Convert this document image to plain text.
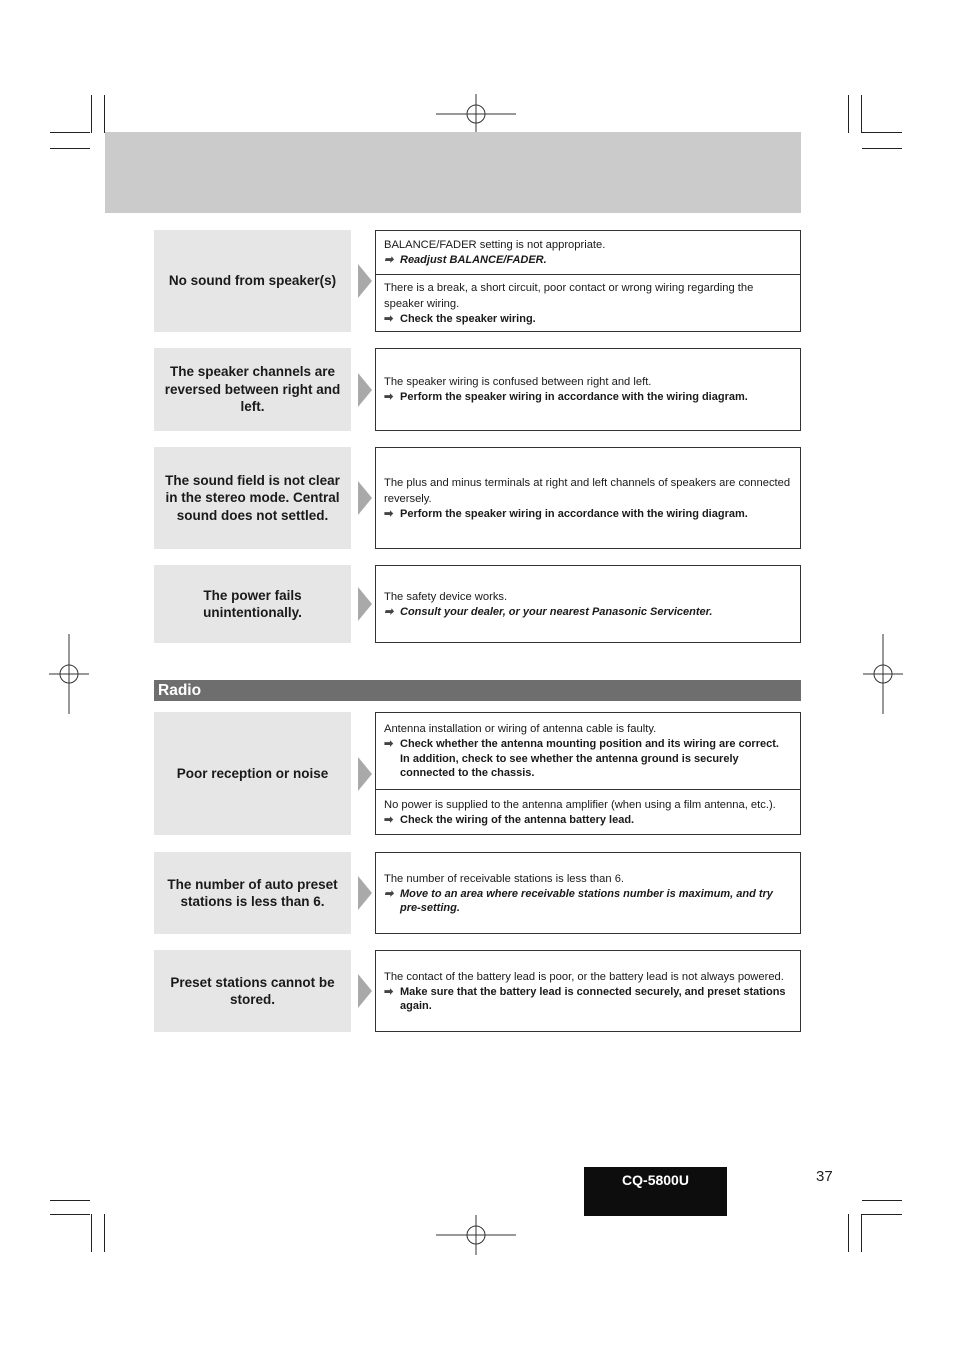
No sound from speaker(s)
BALANCE/FADER setting is not appropriate.
➡ Readjust BALANCE/FADER.
There is a break, a short circuit, poor contact or wrong wiring regarding the speaker wiring.
➡ Check the speaker wiring.
The speaker channels are reversed between right and left.
The speaker wiring is confused between right and left.
➡ Perform the speaker wiring in accordance with the wiring diagram.
The sound field is not clear in the stereo mode. Central sound does not settled.
The plus and minus terminals at right and left channels of speakers are connected reversely.
➡ Perform the speaker wiring in accordance with the wiring diagram.
The power fails unintentionally.
The safety device works.
➡ Consult your dealer, or your nearest Panasonic Servicenter.
Radio
Poor reception or noise
Antenna installation or wiring of antenna cable is faulty.
➡ Check whether the antenna mounting position and its wiring are correct. In addition, check to see whether the antenna ground is securely connected to the chassis.
No power is supplied to the antenna amplifier (when using a film antenna, etc.).
➡ Check the wiring of the antenna battery lead.
The number of auto preset stations is less than 6.
The number of receivable stations is less than 6.
➡ Move to an area where receivable stations number is maximum, and try pre-setting.
Preset stations cannot be stored.
The contact of the battery lead is poor, or the battery lead is not always powered.
➡ Make sure that the battery lead is connected securely, and preset stations again.
CQ-5800U	37
